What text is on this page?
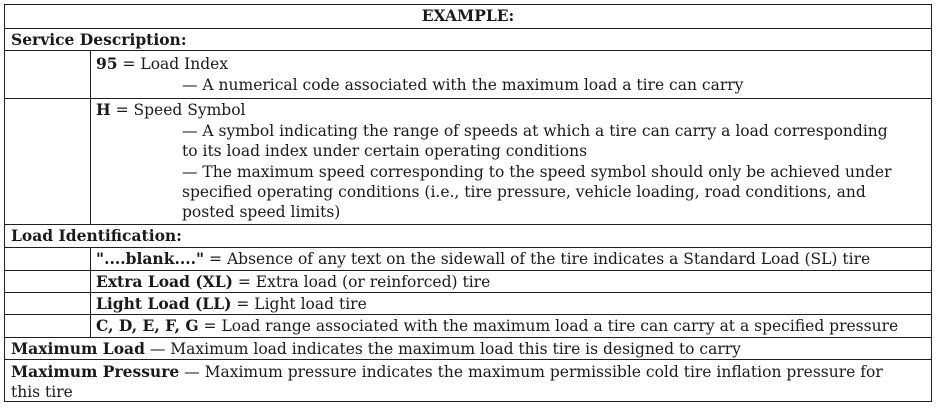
EXAMPLE:
Service Description:
95 = Load Index
— A numerical code associated with the maximum load a tire can carry
H = Speed Symbol
— A symbol indicating the range of speeds at which a tire can carry a load corresponding
to its load index under certain operating conditions
— The maximum speed corresponding to the speed symbol should only be achieved under
specified operating conditions (i.e., tire pressure, vehicle loading, road conditions, and
posted speed limits)
Load Identification:
"....blank...." = Absence of any text on the sidewall of the tire indicates a Standard Load (SL) tire
Extra Load (XL) = Extra load (or reinforced) tire
Light Load (LL) = Light load tire
C, D, E, F, G = Load range associated with the maximum load a tire can carry at a specified pressure
Maximum Load — Maximum load indicates the maximum load this tire is designed to carry
Maximum Pressure — Maximum pressure indicates the maximum permissible cold tire inflation pressure for
this tire
